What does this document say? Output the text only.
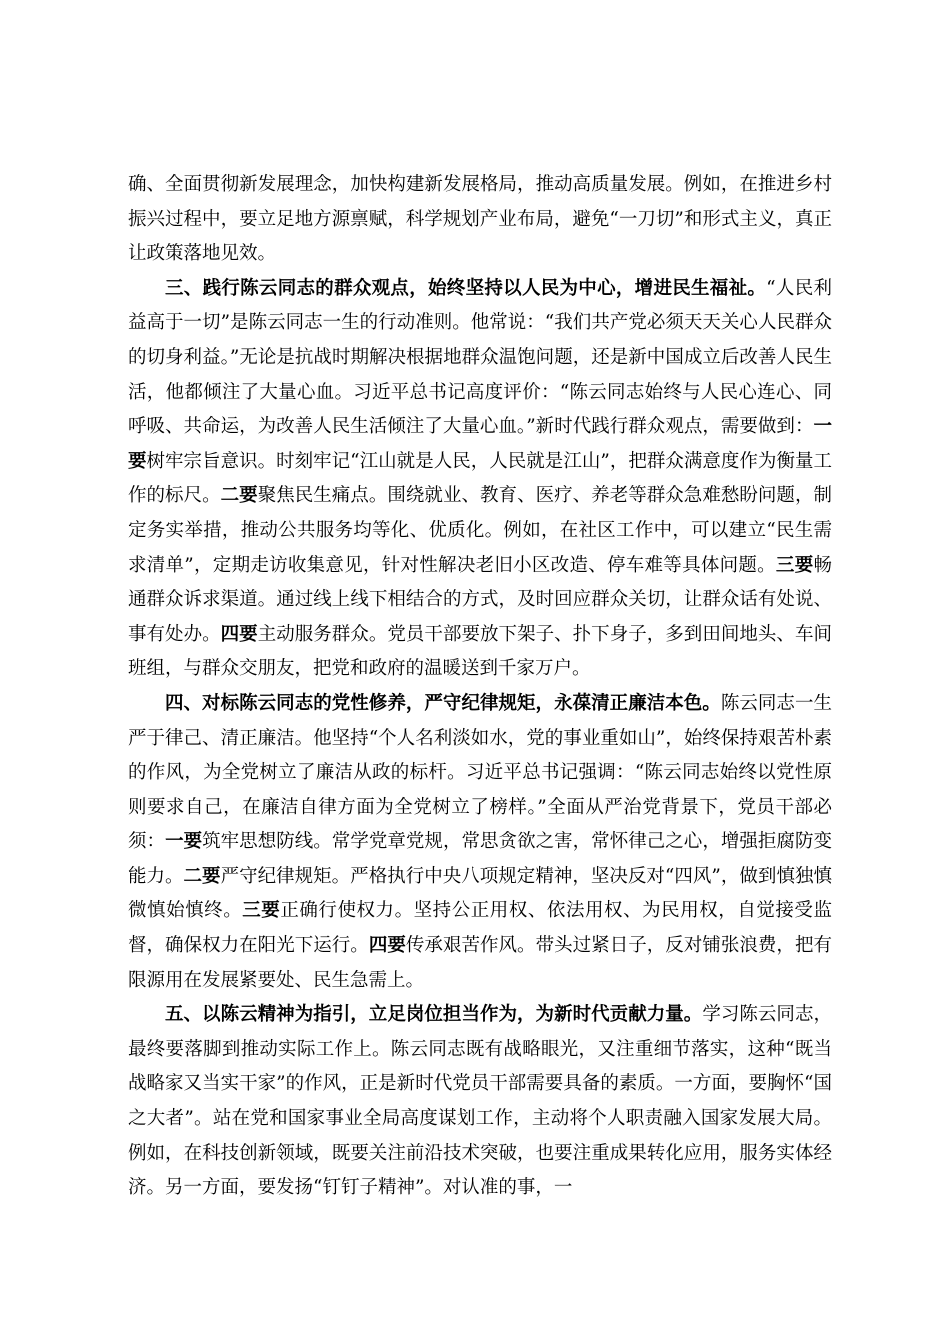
确、全面贯彻新发展理念，加快构建新发展格局，推动高质量发展。例如，在推进乡村振兴过程中，要立足地方源禀赋，科学规划产业布局，避免“一刀切”和形式主义，真正让政策落地见效。

三、践行陈云同志的群众观点，始终坚持以人民为中心，增进民生福祉。“人民利益高于一切”是陈云同志一生的行动准则。他常说：“我们共产党必须天天关心人民群众的切身利益。”无论是抗战时期解决根据地群众温饱问题，还是新中国成立后改善人民生活，他都倾注了大量心血。习近平总书记高度评价：“陈云同志始终与人民心连心、同呼吸、共命运，为改善人民生活倾注了大量心血。”新时代践行群众观点，需要做到：一要树牢宗旨意识。时刻牢记“江山就是人民，人民就是江山”，把群众满意度作为衡量工作的标尺。二要聚焦民生痛点。围绕就业、教育、医疗、养老等群众急难愁盼问题，制定务实举措，推动公共服务均等化、优质化。例如，在社区工作中，可以建立“民生需求清单”，定期走访收集意见，针对性解决老旧小区改造、停车难等具体问题。三要畅通群众诉求渠道。通过线上线下相结合的方式，及时回应群众关切，让群众话有处说、事有处办。四要主动服务群众。党员干部要放下架子、扑下身子，多到田间地头、车间班组，与群众交朋友，把党和政府的温暖送到千家万户。

四、对标陈云同志的党性修养，严守纪律规矩，永葆清正廉洁本色。陈云同志一生严于律己、清正廉洁。他坚持“个人名利淡如水，党的事业重如山”，始终保持艰苦朴素的作风，为全党树立了廉洁从政的标杆。习近平总书记强调：“陈云同志始终以党性原则要求自己，在廉洁自律方面为全党树立了榜样。”全面从严治党背景下，党员干部必须：一要筑牢思想防线。常学党章党规，常思贪欲之害，常怀律己之心，增强拒腐防变能力。二要严守纪律规矩。严格执行中央八项规定精神，坚决反对“四风”，做到慎独慎微慎始慎终。三要正确行使权力。坚持公正用权、依法用权、为民用权，自觉接受监督，确保权力在阳光下运行。四要传承艰苦作风。带头过紧日子，反对铺张浪费，把有限源用在发展紧要处、民生急需上。

五、以陈云精神为指引，立足岗位担当作为，为新时代贡献力量。学习陈云同志，最终要落脚到推动实际工作上。陈云同志既有战略眼光，又注重细节落实，这种“既当战略家又当实干家”的作风，正是新时代党员干部需要具备的素质。一方面，要胸怀“国之大者”。站在党和国家事业全局高度谋划工作，主动将个人职责融入国家发展大局。例如，在科技创新领域，既要关注前沿技术突破，也要注重成果转化应用，服务实体经济。另一方面，要发扬“钉钉子精神”。对认准的事，一
